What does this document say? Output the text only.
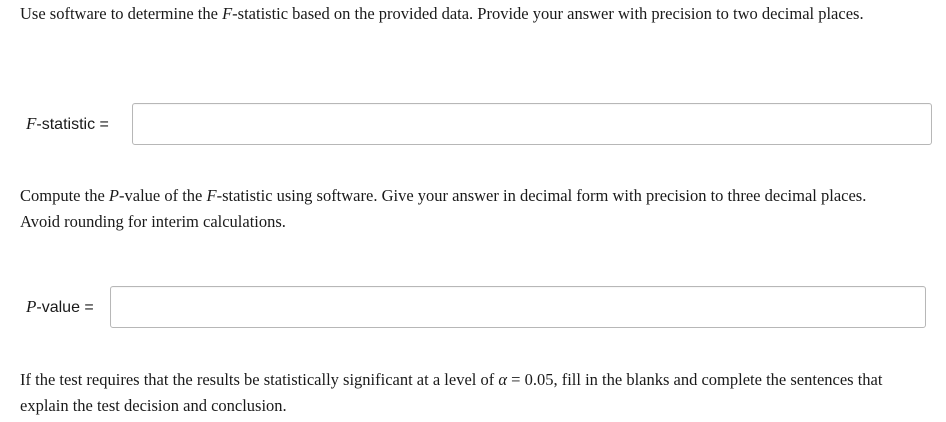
Use software to determine the F-statistic based on the provided data. Provide your answer with precision to two decimal places.

F-statistic =

Compute the P-value of the F-statistic using software. Give your answer in decimal form with precision to three decimal places. Avoid rounding for interim calculations.

P-value =

If the test requires that the results be statistically significant at a level of α = 0.05, fill in the blanks and complete the sentences that explain the test decision and conclusion.
